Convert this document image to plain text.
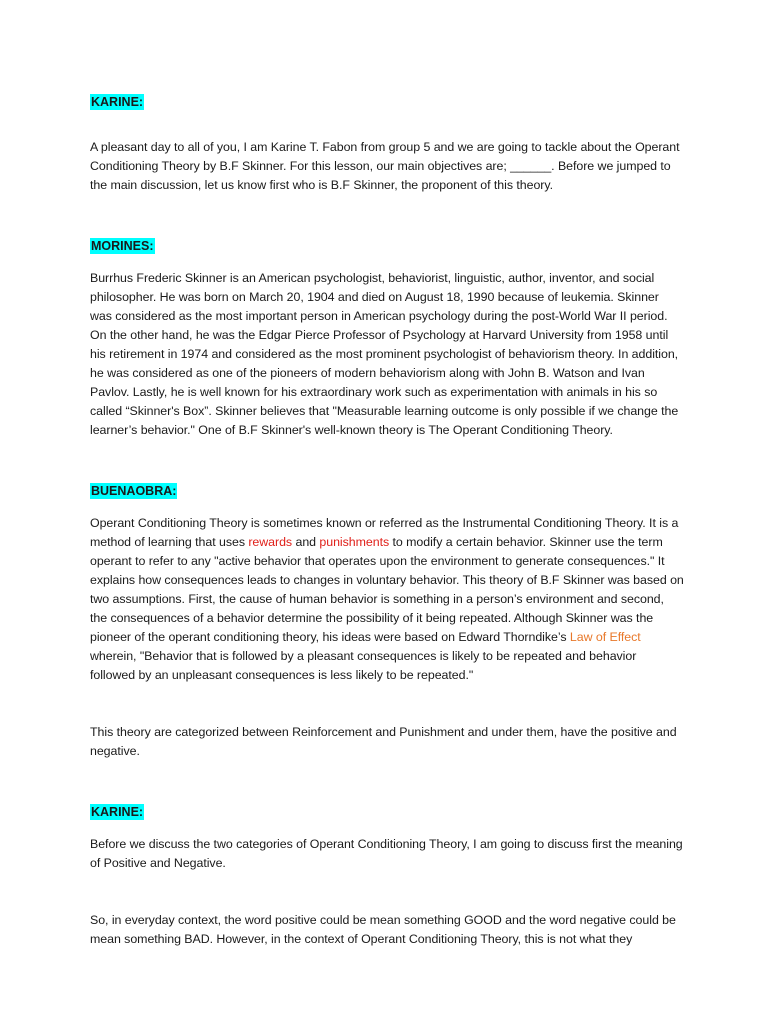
KARINE:

A pleasant day to all of you, I am Karine T. Fabon from group 5 and we are going to tackle about the Operant Conditioning Theory by B.F Skinner. For this lesson, our main objectives are; ______. Before we jumped to the main discussion, let us know first who is B.F Skinner, the proponent of this theory.

MORINES:

Burrhus Frederic Skinner is an American psychologist, behaviorist, linguistic, author, inventor, and social philosopher. He was born on March 20, 1904 and died on August 18, 1990 because of leukemia. Skinner was considered as the most important person in American psychology during the post-World War II period. On the other hand, he was the Edgar Pierce Professor of Psychology at Harvard University from 1958 until his retirement in 1974 and considered as the most prominent psychologist of behaviorism theory. In addition, he was considered as one of the pioneers of modern behaviorism along with John B. Watson and Ivan Pavlov. Lastly, he is well known for his extraordinary work such as experimentation with animals in his so called “Skinner's Box”. Skinner believes that "Measurable learning outcome is only possible if we change the learner’s behavior." One of B.F Skinner's well-known theory is The Operant Conditioning Theory.

BUENAOBRA:

Operant Conditioning Theory is sometimes known or referred as the Instrumental Conditioning Theory. It is a method of learning that uses rewards and punishments to modify a certain behavior. Skinner use the term operant to refer to any "active behavior that operates upon the environment to generate consequences." It explains how consequences leads to changes in voluntary behavior. This theory of B.F Skinner was based on two assumptions. First, the cause of human behavior is something in a person’s environment and second, the consequences of a behavior determine the possibility of it being repeated. Although Skinner was the pioneer of the operant conditioning theory, his ideas were based on Edward Thorndike’s Law of Effect wherein, "Behavior that is followed by a pleasant consequences is likely to be repeated and behavior followed by an unpleasant consequences is less likely to be repeated."

This theory are categorized between Reinforcement and Punishment and under them, have the positive and negative.

KARINE:

Before we discuss the two categories of Operant Conditioning Theory, I am going to discuss first the meaning of Positive and Negative.

So, in everyday context, the word positive could be mean something GOOD and the word negative could be mean something BAD. However, in the context of Operant Conditioning Theory, this is not what they
